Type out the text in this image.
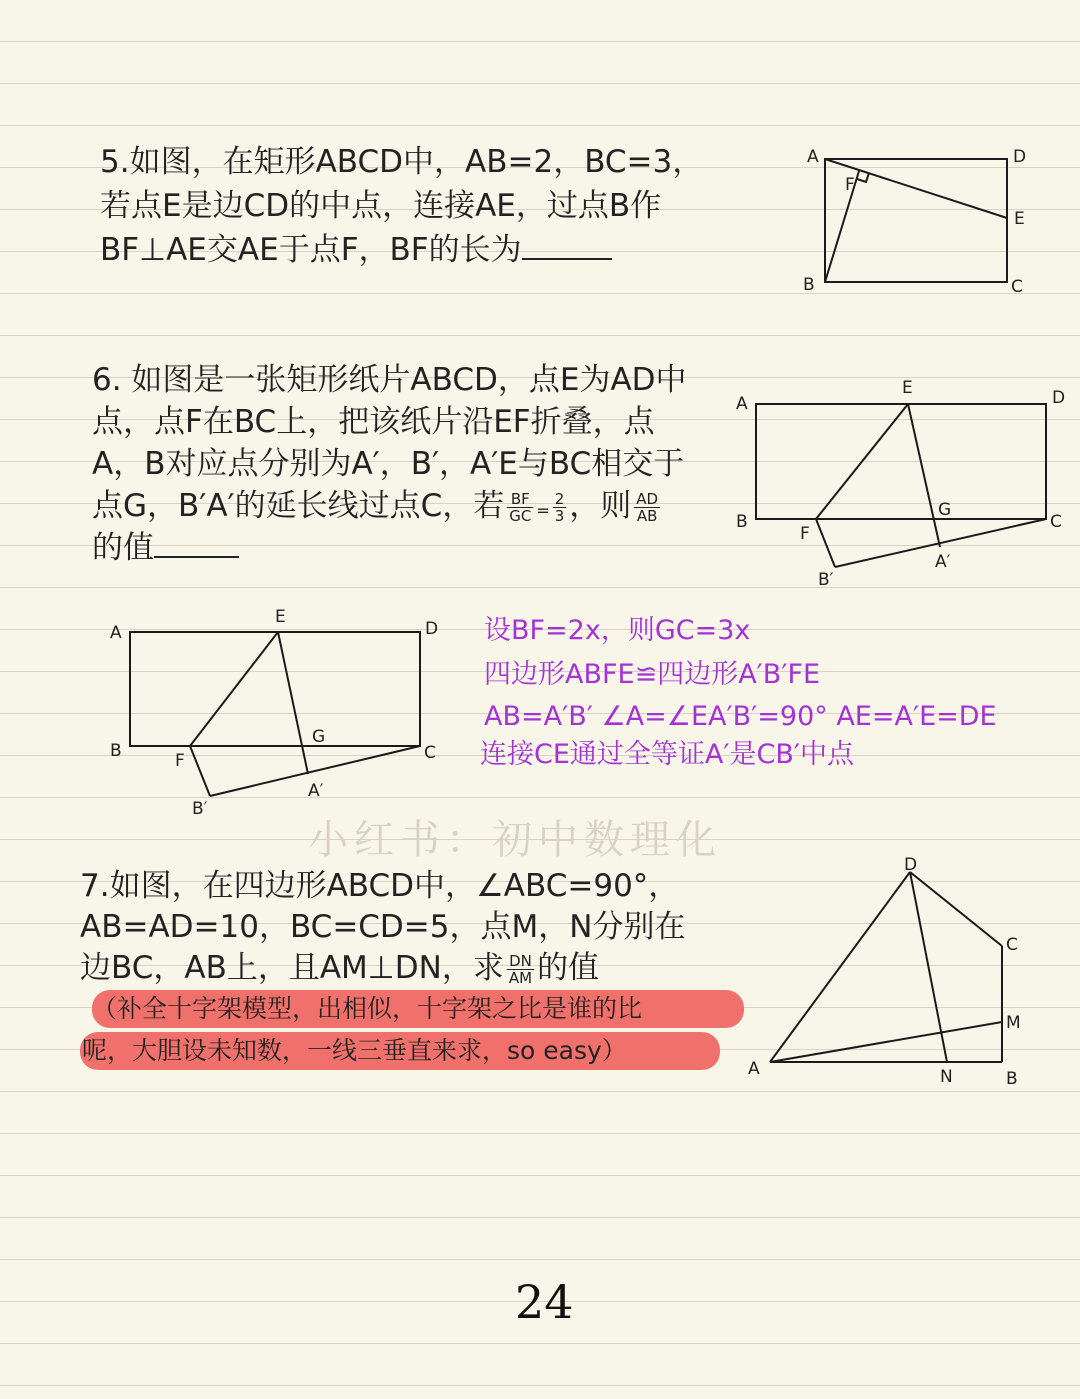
小红书：初中数理化
5.如图，在矩形ABCD中，AB=2，BC=3，
若点E是边CD的中点，连接AE，过点B作
BF⊥AE交AE于点F，BF的长为
A	D
E
F
B	C
6. 如图是一张矩形纸片ABCD，点E为AD中
点，点F在BC上，把该纸片沿EF折叠，点
A，B对应点分别为A′，B′，A′E与BC相交于
点G，B′A′的延长线过点C，若 $\frac{BF}{GC} = \frac{2}{3}$ ，则 $\frac{AD}{AB}$
的值
A
E	D
B
F
G
C
A′
B′
A
E
D
B	F
G
C
A′
B′
设BF=2x，则GC=3x
四边形ABFE≌四边形A′B′FE
AB=A′B′ ∠A=∠EA′B′=90° AE=A′E=DE
连接CE通过全等证A′是CB′中点
7.如图，在四边形ABCD中，∠ABC=90°，
AB=AD=10，BC=CD=5，点M，N分别在
边BC，AB上，且AM⊥DN，求 $\frac{DN}{AM}$ 的值
（补全十字架模型，出相似，十字架之比是谁的比
呢，大胆设未知数，一线三垂直来求，so easy）
D
C
M
A	N	B
24
